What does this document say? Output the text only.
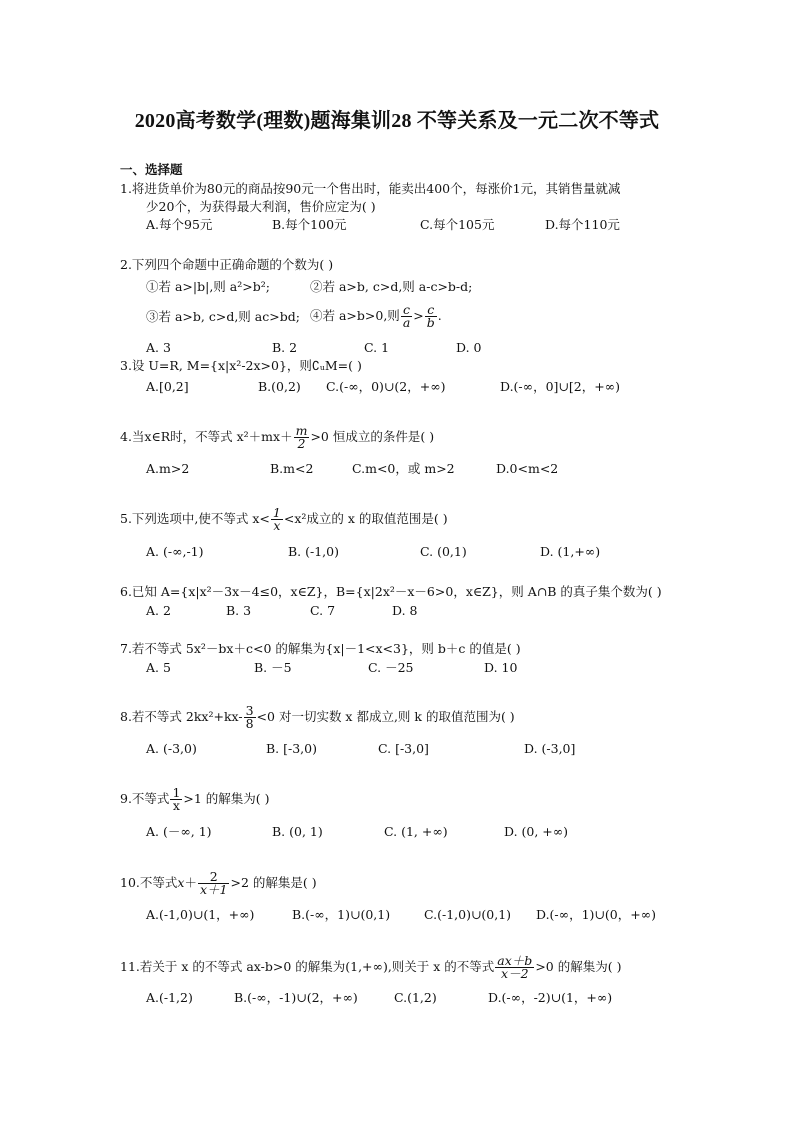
2020高考数学(理数)题海集训28 不等关系及一元二次不等式
一、选择题
1.将进货单价为80元的商品按90元一个售出时，能卖出400个，每涨价1元，其销售量就减
少20个，为获得最大利润，售价应定为( )
A.每个95元	B.每个100元	C.每个105元	D.每个110元
2.下列四个命题中正确命题的个数为( )
①若 a>|b|,则 a²>b²;	②若 a>b, c>d,则 a-c>b-d;
③若 a>b, c>d,则 ac>bd; ④若 a>b>0,则 $\frac{c}{a} > \frac{c}{b}$ .
A. 3	B. 2	C. 1	D. 0
3.设 U=R, M={x|x²-2x>0}，则∁ᵤM=( )
A.[0,2]	B.(0,2) C.(-∞，0)∪(2，+∞)	D.(-∞，0]∪[2，+∞)
4.当x∈R时，不等式 $x^2+mx+ \frac{m}{2} >0$ 恒成立的条件是( )
A.m>2	B.m<2	C.m<0，或 m>2	D.0<m<2
5.下列选项中,使不等式 $x< \frac{1}{x} <x^2$成立的 x 的取值范围是( )
A. (-∞,-1)	B. (-1,0)	C. (0,1)	D. (1,+∞)
6.已知 A={x|x²－3x－4≤0，x∈Z}，B={x|2x²－x－6>0，x∈Z}，则 A∩B 的真子集个数为( )
A. 2	B. 3	C. 7	D. 8
7.若不等式 5x²－bx＋c<0 的解集为{x|－1<x<3}，则 b＋c 的值是( )
A. 5	B. －5	C. －25	D. 10
8.若不等式 $2kx^2+kx- \frac{3}{8} <0$ 对一切实数 x 都成立,则 k 的取值范围为( )
A. (-3,0)	B. [-3,0)	C. [-3,0]	D. (-3,0]
9.不等式 $\frac{1}{x} >1$ 的解集为( )
A. (－∞, 1)	B. (0, 1)	C. (1, +∞)	D. (0, +∞)
10.不等式$x+ \frac{2}{x+1} >2$ 的解集是( )
A.(-1,0)∪(1，+∞)	B.(-∞，1)∪(0,1)	C.(-1,0)∪(0,1) D.(-∞，1)∪(0，+∞)
11.若关于 x 的不等式 ax-b>0 的解集为(1,+∞),则关于 x 的不等式 $\frac{ax+b}{x-2} >0$ 的解集为( )
A.(-1,2)	B.(-∞，-1)∪(2，+∞)	C.(1,2)	D.(-∞，-2)∪(1，+∞)
